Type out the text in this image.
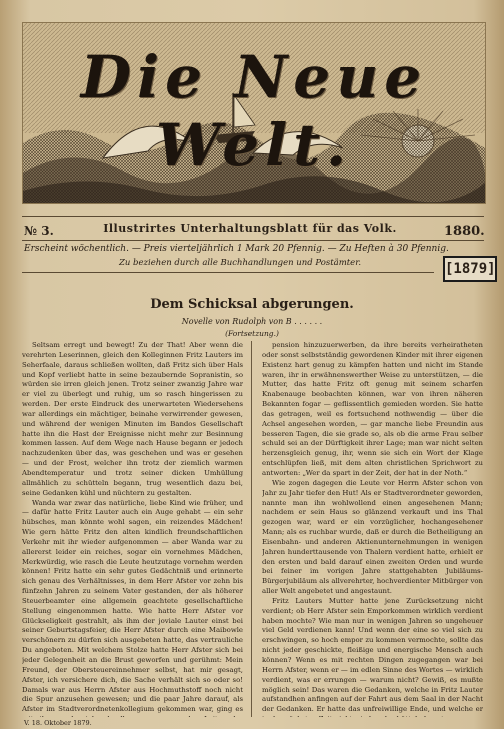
Die Neue Welt.
№ 3.	Illustrirtes Unterhaltungsblatt für das Volk.	1880.
Erscheint wöchentlich. — Preis vierteljährlich 1 Mark 20 Pfennig. — Zu Heften à 30 Pfennig.
Zu beziehen durch alle Buchhandlungen und Postämter.	[1879]
Dem Schicksal abgerungen.
Novelle von Rudolph von B . . . . . .
(Fortsetzung.)

Seltsam erregt und bewegt! Zu der That! Aber wenn die verehrten Leserinnen, gleich den Kolleginnen Fritz Lauters im Seherfaale, daraus schließen wollten, daß Fritz sich über Hals und Kopf verliebt hatte in seine bezaubernde Sopranistin, so würden sie irren gleich jenen. Trotz seiner zwanzig Jahre war er viel zu überlegt und ruhig, um so rasch hingerissen zu werden. Der erste Eindruck des unerwarteten Wiedersehens war allerdings ein mächtiger, beinahe verwirrender gewesen, und während der wenigen Minuten im Bandos Gesellschaft hatte ihn die Hast der Ereignisse nicht mehr zur Besinnung kommen lassen. Auf dem Wege nach Hause begann er jedoch nachzudenken über das, was geschehen und was er gesehen — und der Frost, welcher ihn trotz der ziemlich warmen Abendtemperatur und trotz seiner dicken Umhüllung allmählich zu schütteln begann, trug wesentlich dazu bei, seine Gedanken kühl und nüchtern zu gestalten.

Wanda war zwar das natürliche, liebe Kind wie früher, und — dafür hatte Fritz Lauter auch ein Auge gehabt — ein sehr hübsches, man könnte wohl sagen, ein reizendes Mädchen! Wie gern hätte Fritz den alten kindlich freundschaftlichen Verkehr mit ihr wieder aufgenommen — aber Wanda war zu allererst leider ein reiches, sogar ein vornehmes Mädchen, Merkwürdig, wie rasch die Leute heutzutage vornehm werden können! Fritz hatte ein sehr gutes Gedächtniß und erinnerte sich genau des Verhältnisses, in dem Herr Afster vor zehn bis fünfzehn Jahren zu seinem Vater gestanden, der als höherer Steuerbeamter eine allgemein geachtete gesellschaftliche Stellung eingenommen hatte. Wie hatte Herr Afster vor Glückseligkeit gestrahlt, als ihm der joviale Lauter einst bei seiner Geburtstagsfeier, die Herr Afster durch eine Maibowle verschönern zu dürfen sich ausgebeten hatte, das vertrauliche Du angeboten. Mit welchem Stolze hatte Herr Afster sich bei jeder Gelegenheit an die Brust geworfen und gerühmt: Mein Freund, der Obersteuereinnehmer selbst, hat mir gesagt, Afster, ich versichere dich, die Sache verhält sich so oder so! Damals war aus Herrn Afster aus Hochmuthstoff noch nicht die Spur anzusehen gewesen; und die paar Jahre darauf, als Afster im Stadtverordnetenkollegium gekommen war, ging es

pension hinzuzuerwerben, da ihre bereits verheiratheten oder sonst selbstständig gewordenen Kinder mit ihrer eigenen Existenz hart genug zu kämpfen hatten und nicht im Stande waren, ihr in erwähnenswerther Weise zu unterstützen, — die Mutter, das hatte Fritz oft genug mit seinem scharfen Knabenauge beobachten können, war von ihren näheren Bekannten fogar — geflissentlich gemieden worden. Sie hatte das getragen, weil es fortsuchend nothwendig — über die Achsel angesehen worden, — gar manche liebe Freundin aus besseren Tagen, die sie grade so, als ob die arme Frau selber schuld sei an der Dürftigkeit ihrer Lage; man war nicht selten herzensgleich genug, ihr, wenn sie sich ein Wort der Klage entschlüpfen ließ, mit dem alten christlichen Sprichwort zu antworten: „Wer da spart in der Zeit, der hat in der Noth.“

Wie zogen dagegen die Leute vor Herrn Afster schon von Jahr zu Jahr tiefer den Hut! Als er Stadtverordneter geworden, nannte man ihn wohlwollend einen angesehenen Mann; nachdem er sein Haus so glänzend verkauft und ins Thal gezogen war, ward er ein vorzüglicher, hochangesehener Mann; als es ruchbar wurde, daß er durch die Betheiligung an Eisenbahn- und anderen Aktienunternehmungen in wenigen Jahren hunderttausende von Thalern verdient hatte, erhielt er den ersten und bald darauf einen zweiten Orden und wurde bei feiner im vorigen Jahre stattgehabten Jubiläums-Bürgerjubiläum als allverehrter, hochverdienter Mitbürger von aller Welt angebetet und angestaunt.

Fritz Lauters Mutter hatte jene Zurücksetzung nicht verdient; ob Herr Afster sein Emporkommen wirklich verdient haben mochte? Wie man nur in wenigen Jahren so ungeheuer viel Geld verdienen kann! Und wenn der eine so viel sich zu erschwingen, so hoch empor zu kommen vermochte, sollte das nicht jeder geschickte, fleißige und energische Mensch auch können? Wenn es mit rechten Dingen zugegangen war bei Herrn Afster, wenn er — im edlen Sinne des Wortes — wirklich verdient, was er errungen — warum nicht? Gewiß, es mußte möglich sein! Das waren die Gedanken, welche in Fritz Lauter aufstandhen anfingen auf der Fahrt aus dem Saal in der Nacht der Gedanken. Er hatte das unfreiwillige Ende, und welche er

V. 18. Oktober 1879.
